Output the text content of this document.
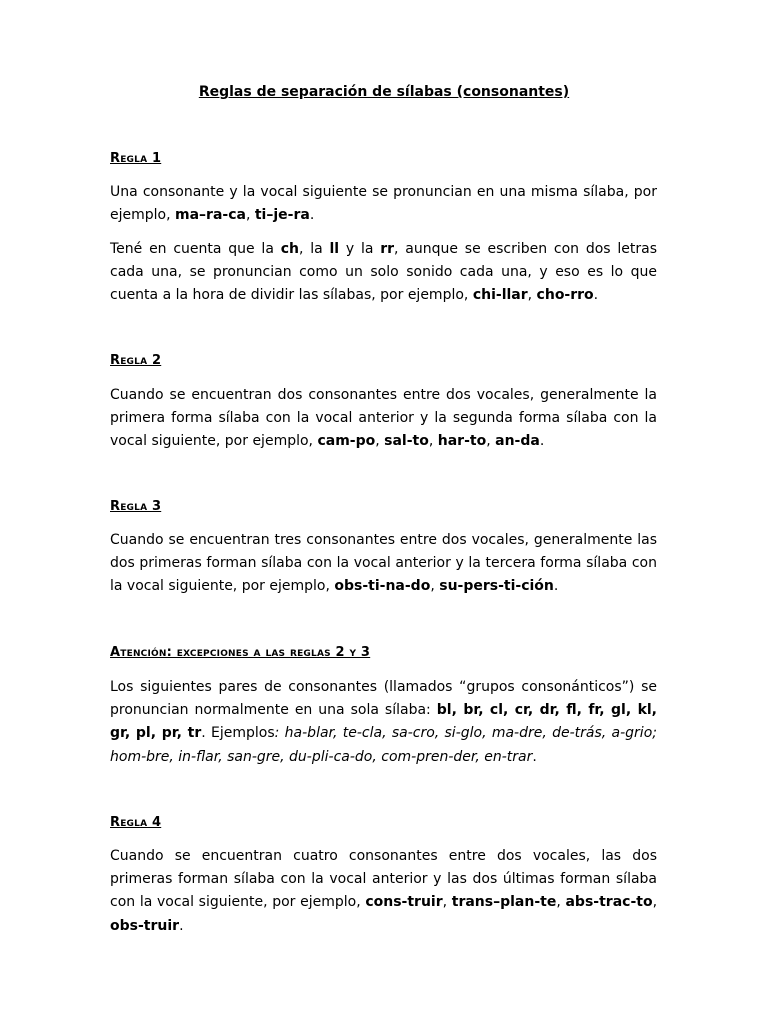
Reglas de separación de sílabas (consonantes)

Regla 1

Una consonante y la vocal siguiente se pronuncian en una misma sílaba, por ejemplo, ma–ra-ca, ti–je-ra.

Tené en cuenta que la ch, la ll y la rr, aunque se escriben con dos letras cada una, se pronuncian como un solo sonido cada una, y eso es lo que cuenta a la hora de dividir las sílabas, por ejemplo, chi-llar, cho-rro.

Regla 2

Cuando se encuentran dos consonantes entre dos vocales, generalmente la primera forma sílaba con la vocal anterior y la segunda forma sílaba con la vocal siguiente, por ejemplo, cam-po, sal-to, har-to, an-da.

Regla 3

Cuando se encuentran tres consonantes entre dos vocales, generalmente las dos primeras forman sílaba con la vocal anterior y la tercera forma sílaba con la vocal siguiente, por ejemplo, obs-ti-na-do, su-pers-ti-ción.

Atención: excepciones a las reglas 2 y 3

Los siguientes pares de consonantes (llamados “grupos consonánticos”) se pronuncian normalmente en una sola sílaba: bl, br, cl, cr, dr, fl, fr, gl, kl, gr, pl, pr, tr. Ejemplos: ha-blar, te-cla, sa-cro, si-glo, ma-dre, de-trás, a-grio; hom-bre, in-flar, san-gre, du-pli-ca-do, com-pren-der, en-trar.

Regla 4

Cuando se encuentran cuatro consonantes entre dos vocales, las dos primeras forman sílaba con la vocal anterior y las dos últimas forman sílaba con la vocal siguiente, por ejemplo, cons-truir, trans–plan-te, abs-trac-to, obs-truir.
